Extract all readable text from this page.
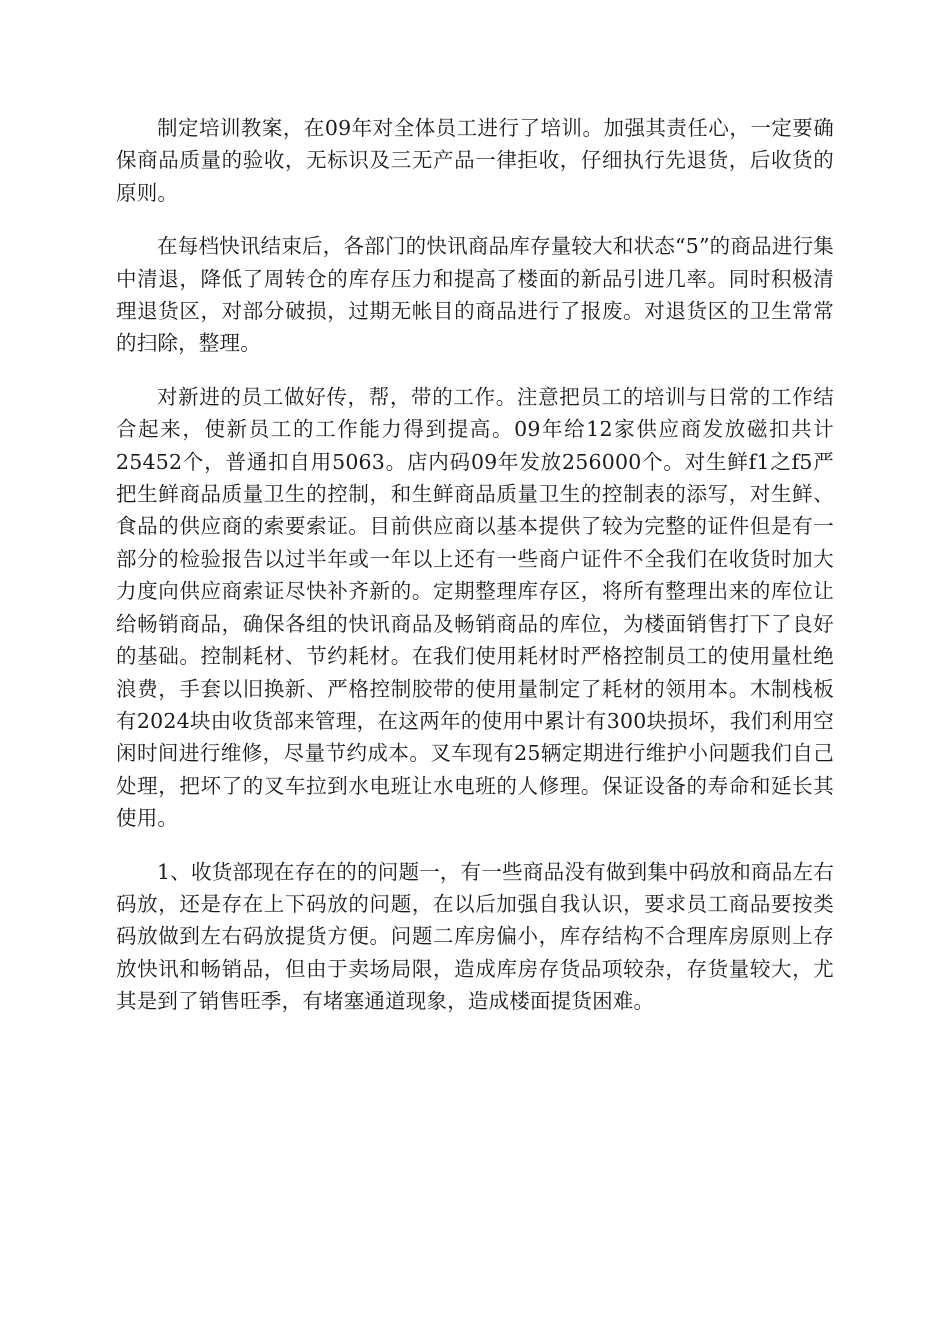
制定培训教案，在09年对全体员工进行了培训。加强其责任心，一定要确保商品质量的验收，无标识及三无产品一律拒收，仔细执行先退货，后收货的原则。

在每档快讯结束后，各部门的快讯商品库存量较大和状态“5”的商品进行集中清退，降低了周转仓的库存压力和提高了楼面的新品引进几率。同时积极清理退货区，对部分破损，过期无帐目的商品进行了报废。对退货区的卫生常常的扫除，整理。

对新进的员工做好传，帮，带的工作。注意把员工的培训与日常的工作结合起来，使新员工的工作能力得到提高。09年给12家供应商发放磁扣共计25452个，普通扣自用5063。店内码09年发放256000个。对生鲜f1之f5严把生鲜商品质量卫生的控制，和生鲜商品质量卫生的控制表的添写，对生鲜、食品的供应商的索要索证。目前供应商以基本提供了较为完整的证件但是有一部分的检验报告以过半年或一年以上还有一些商户证件不全我们在收货时加大力度向供应商索证尽快补齐新的。定期整理库存区，将所有整理出来的库位让给畅销商品，确保各组的快讯商品及畅销商品的库位，为楼面销售打下了良好的基础。控制耗材、节约耗材。在我们使用耗材时严格控制员工的使用量杜绝浪费，手套以旧换新、严格控制胶带的使用量制定了耗材的领用本。木制栈板有2024块由收货部来管理，在这两年的使用中累计有300块损坏，我们利用空闲时间进行维修，尽量节约成本。叉车现有25辆定期进行维护小问题我们自己处理，把坏了的叉车拉到水电班让水电班的人修理。保证设备的寿命和延长其使用。

1、收货部现在存在的的问题一，有一些商品没有做到集中码放和商品左右码放，还是存在上下码放的问题，在以后加强自我认识，要求员工商品要按类码放做到左右码放提货方便。问题二库房偏小，库存结构不合理库房原则上存放快讯和畅销品，但由于卖场局限，造成库房存货品项较杂，存货量较大，尤其是到了销售旺季，有堵塞通道现象，造成楼面提货困难。
